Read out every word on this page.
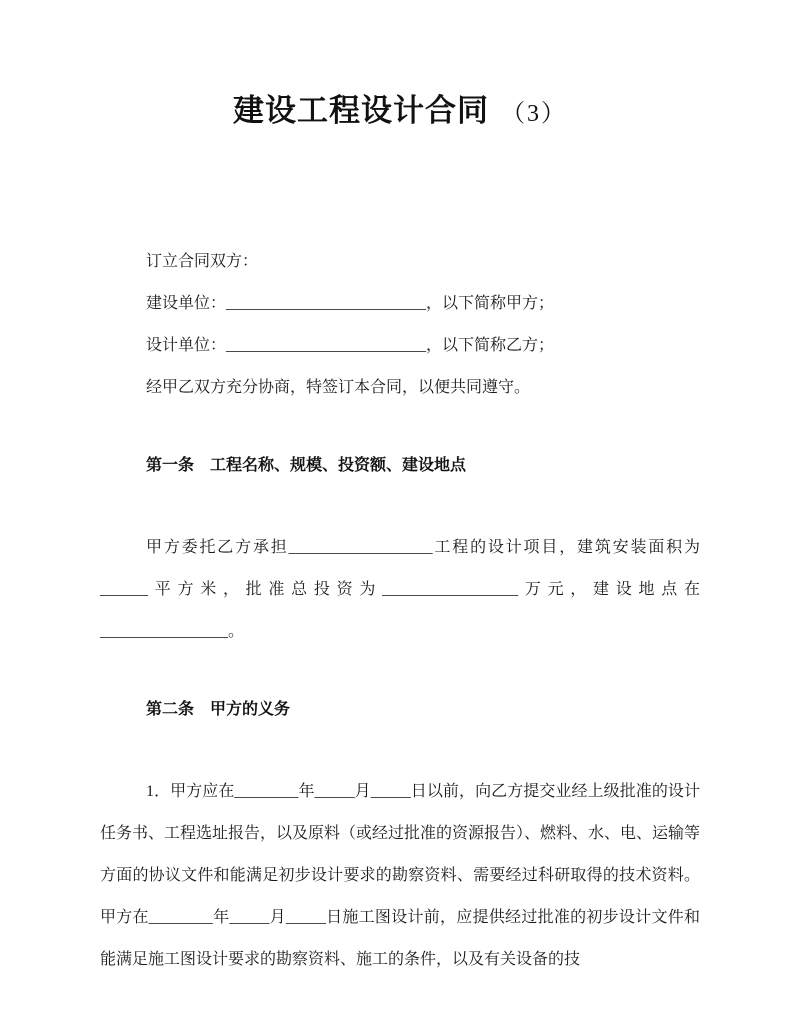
建设工程设计合同 （3）

订立合同双方：

建设单位：_________________________，以下简称甲方；

设计单位：_________________________，以下简称乙方；

经甲乙双方充分协商，特签订本合同，以便共同遵守。

第一条　工程名称、规模、投资额、建设地点

甲方委托乙方承担__________________工程的设计项目，建筑安装面积为______平方米，批准总投资为_________________万元，建设地点在________________。

第二条　甲方的义务

1．甲方应在________年_____月_____日以前，向乙方提交业经上级批准的设计任务书、工程选址报告，以及原料（或经过批准的资源报告）、燃料、水、电、运输等方面的协议文件和能满足初步设计要求的勘察资料、需要经过科研取得的技术资料。甲方在________年_____月_____日施工图设计前，应提供经过批准的初步设计文件和能满足施工图设计要求的勘察资料、施工的条件，以及有关设备的技
